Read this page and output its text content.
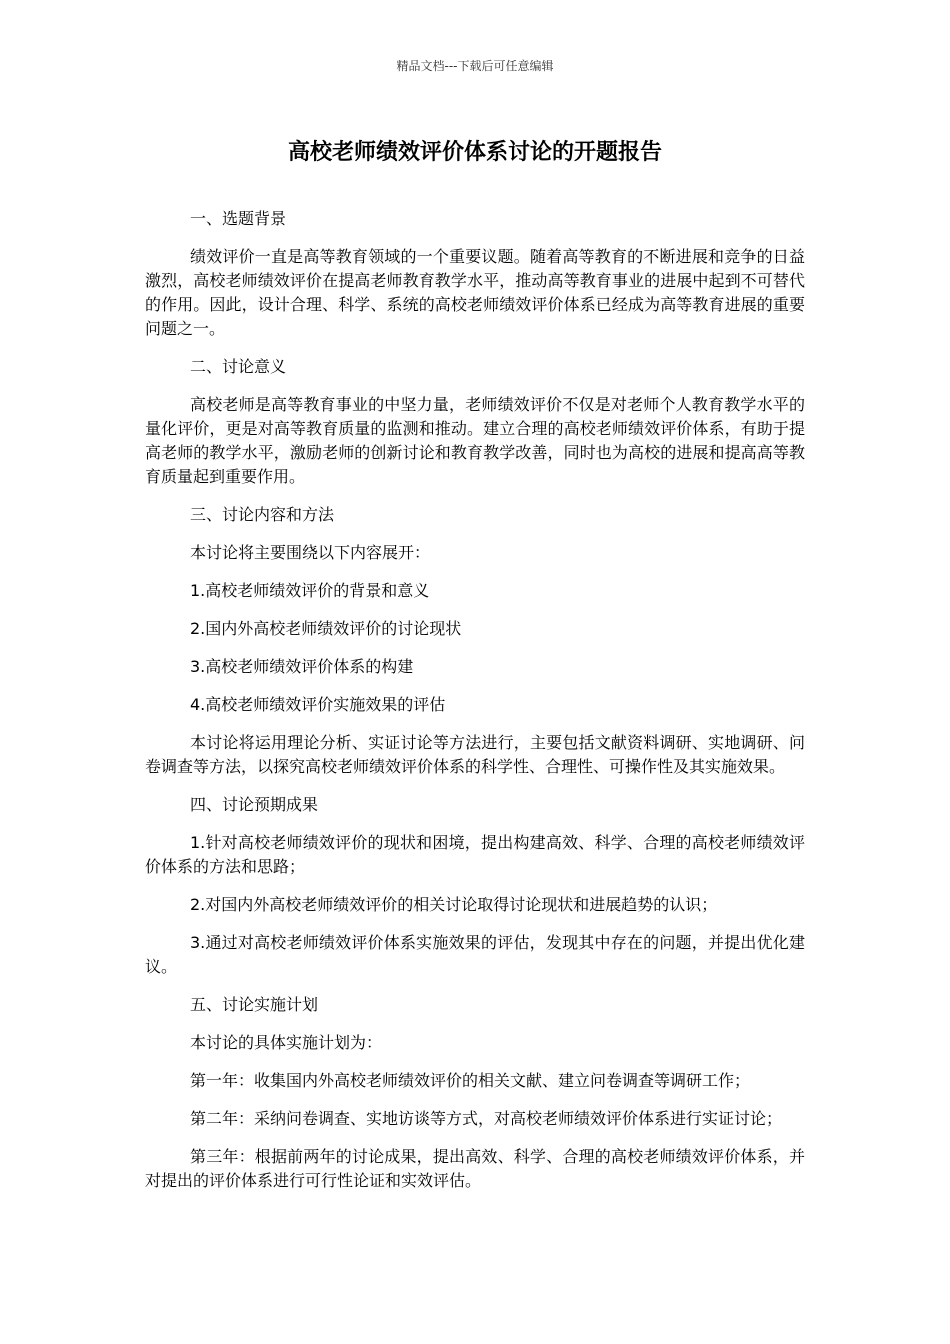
精品文档---下载后可任意编辑
高校老师绩效评价体系讨论的开题报告

一、选题背景

绩效评价一直是高等教育领域的一个重要议题。随着高等教育的不断进展和竞争的日益激烈，高校老师绩效评价在提高老师教育教学水平，推动高等教育事业的进展中起到不可替代的作用。因此，设计合理、科学、系统的高校老师绩效评价体系已经成为高等教育进展的重要问题之一。

二、讨论意义

高校老师是高等教育事业的中坚力量，老师绩效评价不仅是对老师个人教育教学水平的量化评价，更是对高等教育质量的监测和推动。建立合理的高校老师绩效评价体系，有助于提高老师的教学水平，激励老师的创新讨论和教育教学改善，同时也为高校的进展和提高高等教育质量起到重要作用。

三、讨论内容和方法

本讨论将主要围绕以下内容展开：

1.高校老师绩效评价的背景和意义

2.国内外高校老师绩效评价的讨论现状

3.高校老师绩效评价体系的构建

4.高校老师绩效评价实施效果的评估

本讨论将运用理论分析、实证讨论等方法进行，主要包括文献资料调研、实地调研、问卷调查等方法，以探究高校老师绩效评价体系的科学性、合理性、可操作性及其实施效果。

四、讨论预期成果

1.针对高校老师绩效评价的现状和困境，提出构建高效、科学、合理的高校老师绩效评价体系的方法和思路；

2.对国内外高校老师绩效评价的相关讨论取得讨论现状和进展趋势的认识；

3.通过对高校老师绩效评价体系实施效果的评估，发现其中存在的问题，并提出优化建议。

五、讨论实施计划

本讨论的具体实施计划为：

第一年：收集国内外高校老师绩效评价的相关文献、建立问卷调查等调研工作；

第二年：采纳问卷调查、实地访谈等方式，对高校老师绩效评价体系进行实证讨论；

第三年：根据前两年的讨论成果，提出高效、科学、合理的高校老师绩效评价体系，并对提出的评价体系进行可行性论证和实效评估。
